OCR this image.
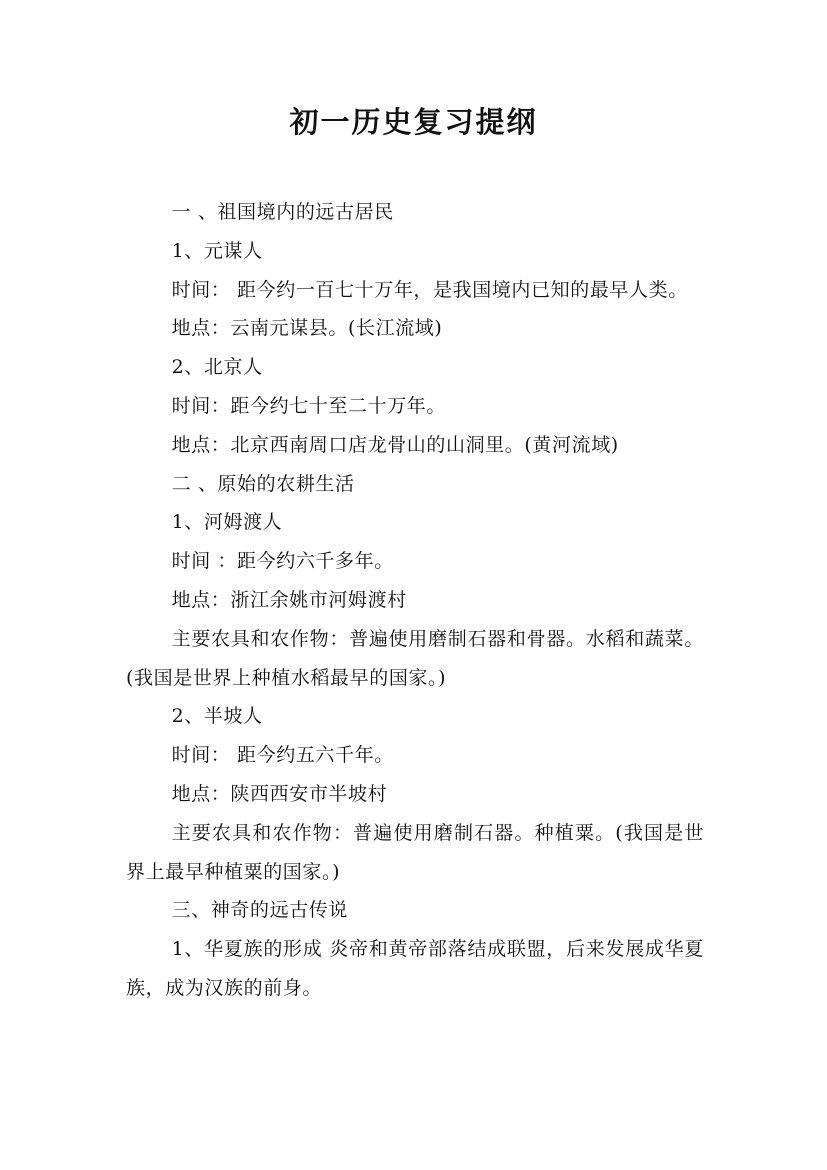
初一历史复习提纲

一 、祖国境内的远古居民

1、元谋人

时间： 距今约一百七十万年，是我国境内已知的最早人类。

地点：云南元谋县。(长江流域)

2、北京人

时间：距今约七十至二十万年。

地点：北京西南周口店龙骨山的山洞里。(黄河流域)

二 、原始的农耕生活

1、河姆渡人

时间 ：距今约六千多年。

地点：浙江余姚市河姆渡村

主要农具和农作物：普遍使用磨制石器和骨器。水稻和蔬菜。(我国是世界上种植水稻最早的国家。)

2、半坡人

时间： 距今约五六千年。

地点：陕西西安市半坡村

主要农具和农作物：普遍使用磨制石器。种植粟。(我国是世界上最早种植粟的国家。)

三、神奇的远古传说

1、华夏族的形成 炎帝和黄帝部落结成联盟，后来发展成华夏族，成为汉族的前身。
